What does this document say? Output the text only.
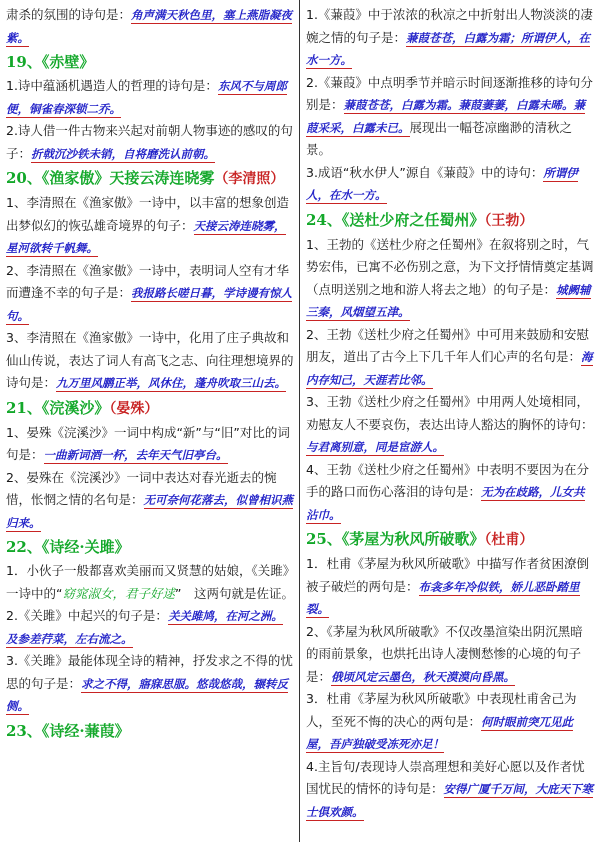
肃杀的氛围的诗句是：角声满天秋色里，塞上燕脂凝夜紫。
19、《赤壁》
1.诗中蕴涵机遇造人的哲理的诗句是：东风不与周郎便，铜雀春深锁二乔。
2.诗人借一件古物来兴起对前朝人物事迹的感叹的句子：折戟沉沙铁未销，自将磨洗认前朝。
20、《渔家傲》天接云涛连晓雾（李清照）
1、李清照在《渔家傲》一诗中，以丰富的想象创造出梦似幻的恢弘雄奇境界的句子：天接云涛连晓雾，星河欲转千帆舞。
2、李清照在《渔家傲》一诗中，表明词人空有才华而遭逢不幸的句子是：我报路长嗟日暮，学诗谩有惊人句。
3、李清照在《渔家傲》一诗中，化用了庄子典故和仙山传说，表达了词人有高飞之志、向往理想境界的诗句是：九万里风鹏正举，风休住，蓬舟吹取三山去。
21、《浣溪沙》（晏殊）
1、晏殊《浣溪沙》一词中构成“新”与“旧”对比的词句是：一曲新词酒一杯，去年天气旧亭台。
2、晏殊在《浣溪沙》一词中表达对春光逝去的惋惜，怅惘之情的名句是：无可奈何花落去，似曾相识燕归来。
22、《诗经·关雎》
1．小伙子一般都喜欢美丽而又贤慧的姑娘，《关雎》一诗中的“窈窕淑女，君子好逑”　这两句就是佐证。
2.《关雎》中起兴的句子是：关关雎鸠，在河之洲。及参差荇菜，左右流之。
3.《关雎》最能体现全诗的精神，抒发求之不得的忧思的句子是：求之不得，寤寐思服。悠哉悠哉，辗转反侧。
23、《诗经·蒹葭》
1.《蒹葭》中于浓浓的秋凉之中折射出人物淡淡的凄婉之情的句子是：蒹葭苍苍，白露为霜；所谓伊人，在水一方。
2.《蒹葭》中点明季节并暗示时间逐渐推移的诗句分别是：蒹葭苍苍，白露为霜。蒹葭萋萋，白露未晞。蒹葭采采，白露未已。展现出一幅苍凉幽渺的清秋之景。
3.成语“秋水伊人”源自《蒹葭》中的诗句：所谓伊人，在水一方。
24、《送杜少府之任蜀州》（王勃）
1、王勃的《送杜少府之任蜀州》在叙将别之时，气势宏伟，已寓不必伤别之意，为下文抒情情奠定基调（点明送别之地和游人将去之地）的句子是：城阙辅三秦，风烟望五津。
2、王勃《送杜少府之任蜀州》中可用来鼓励和安慰朋友，道出了古今上下几千年人们心声的名句是：海内存知己，天涯若比邻。
3、王勃《送杜少府之任蜀州》中用两人处境相同，劝慰友人不要哀伤，表达出诗人豁达的胸怀的诗句：与君离别意，同是宦游人。
4、王勃《送杜少府之任蜀州》中表明不要因为在分手的路口而伤心落泪的诗句是：无为在歧路，儿女共沾巾。
25、《茅屋为秋风所破歌》（杜甫）
1．杜甫《茅屋为秋风所破歌》中描写作者贫困潦倒被子破烂的两句是：布衾多年冷似铁，娇儿恶卧踏里裂。
2、《茅屋为秋风所破歌》不仅改墨渲染出阴沉黑暗的雨前景象，也烘托出诗人凄恻愁惨的心境的句子是：俄顷风定云墨色，秋天漠漠向昏黑。
3．杜甫《茅屋为秋风所破歌》中表现杜甫舍己为人，至死不悔的决心的两句是：何时眼前突兀见此屋，吾庐独破受冻死亦足！
4.主旨句/表现诗人崇高理想和美好心愿以及作者忧国忧民的情怀的诗句是：安得广厦千万间，大庇天下寒士俱欢颜。
